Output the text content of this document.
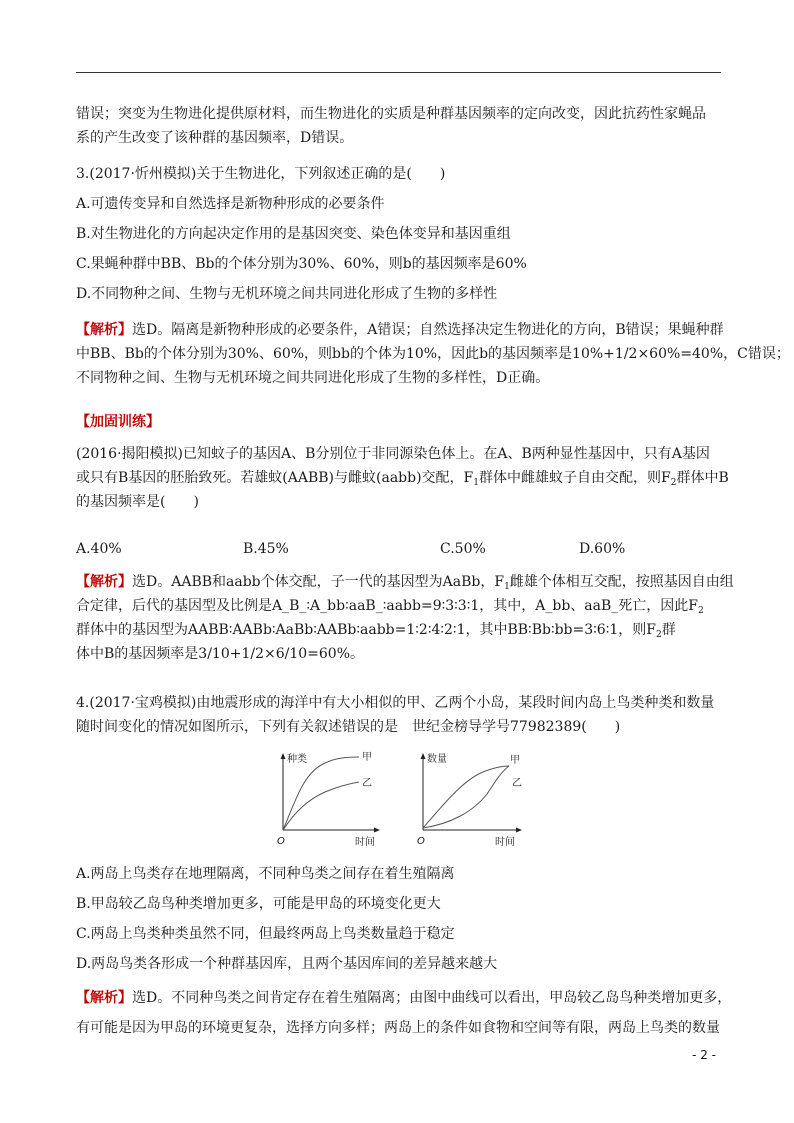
错误；突变为生物进化提供原材料，而生物进化的实质是种群基因频率的定向改变，因此抗药性家蝇品
系的产生改变了该种群的基因频率，D错误。
3.(2017·忻州模拟)关于生物进化，下列叙述正确的是(　　)
A.可遗传变异和自然选择是新物种形成的必要条件
B.对生物进化的方向起决定作用的是基因突变、染色体变异和基因重组
C.果蝇种群中BB、Bb的个体分别为30%、60%，则b的基因频率是60%
D.不同物种之间、生物与无机环境之间共同进化形成了生物的多样性
【解析】选D。隔离是新物种形成的必要条件，A错误；自然选择决定生物进化的方向，B错误；果蝇种群
中BB、Bb的个体分别为30%、60%，则bb的个体为10%，因此b的基因频率是10%+1/2×60%=40%，C错误；
不同物种之间、生物与无机环境之间共同进化形成了生物的多样性，D正确。
【加固训练】
(2016·揭阳模拟)已知蚊子的基因A、B分别位于非同源染色体上。在A、B两种显性基因中，只有A基因
或只有B基因的胚胎致死。若雄蚊(AABB)与雌蚊(aabb)交配，$F_1$群体中雌雄蚊子自由交配，则$F_2$群体中B
的基因频率是(　　)
A.40%	B.45%	C.50%	D.60%
【解析】选D。AABB和aabb个体交配，子一代的基因型为AaBb，$F_1$雌雄个体相互交配，按照基因自由组
合定律，后代的基因型及比例是A_B_∶A_bb∶aaB_∶aabb=9∶3∶3∶1，其中，A_bb、aaB_死亡，因此$F_2$
群体中的基因型为AABB∶AABb∶AaBb∶AABb∶aabb=1∶2∶4∶2∶1，其中BB∶Bb∶bb=3∶6∶1，则$F_2$群
体中B的基因频率是3/10+1/2×6/10=60%。
4.(2017·宝鸡模拟)由地震形成的海洋中有大小相似的甲、乙两个小岛，某段时间内岛上鸟类种类和数量
随时间变化的情况如图所示，下列有关叙述错误的是　世纪金榜导学号77982389(　　)
种类
时间
O
甲
乙
数量
时间
O
甲
乙
A.两岛上鸟类存在地理隔离，不同种鸟类之间存在着生殖隔离
B.甲岛较乙岛鸟种类增加更多，可能是甲岛的环境变化更大
C.两岛上鸟类种类虽然不同，但最终两岛上鸟类数量趋于稳定
D.两岛鸟类各形成一个种群基因库，且两个基因库间的差异越来越大
【解析】选D。不同种鸟类之间肯定存在着生殖隔离；由图中曲线可以看出，甲岛较乙岛鸟种类增加更多，
有可能是因为甲岛的环境更复杂，选择方向多样；两岛上的条件如食物和空间等有限，两岛上鸟类的数量
- 2 -
